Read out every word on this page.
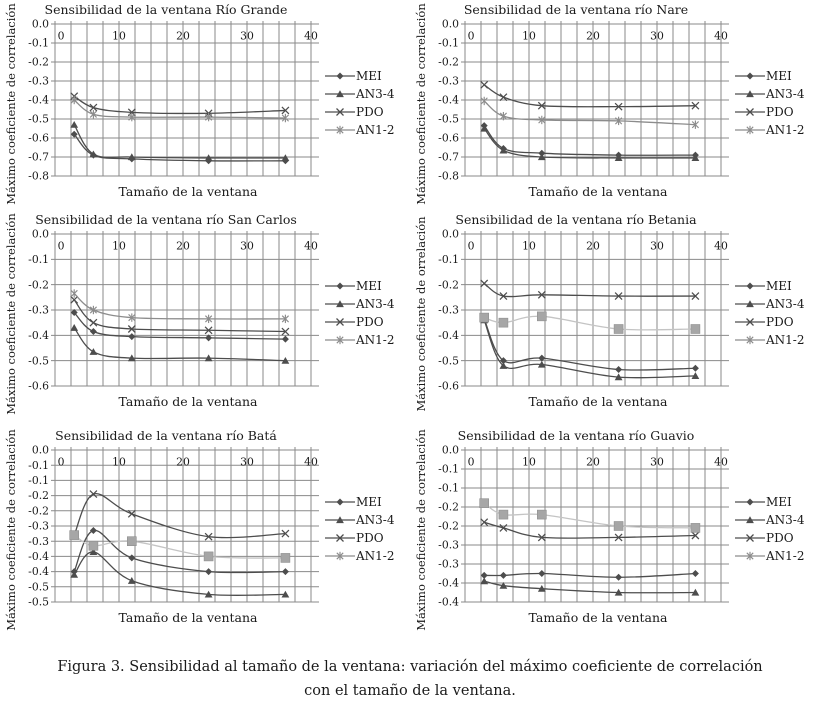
Sensibilidad de la ventana Río Grande
Máximo coeficiente de correlación 0.0
-0.1
-0.2
-0.3
-0.4
-0.5
-0.6
-0.7
-0.8
0	10	20	30	40
Tamaño de la ventana
MEI
AN3-4
PDO
AN1-2
Sensibilidad de la ventana río Nare
Máximo coeficiente de correlación 0.0
-0.1
-0.2
-0.3
-0.4
-0.5
-0.6
-0.7
-0.8
0	10	20	30	40
Tamaño de la ventana
MEI
AN3-4
PDO
AN1-2
Sensibilidad de la ventana río San Carlos
Máximo coeficiente de correlación 0.0
-0.1
-0.2
-0.3
-0.4
-0.5
-0.6
0	10	20	30	40
Tamaño de la ventana
MEI
AN3-4
PDO
AN1-2
Sensibilidad de la ventana río Betania
Máximo coeficiente de orrelación 0.0
-0.1
-0.2
-0.3
-0.4
-0.5
-0.6
0	10	20	30	40
Tamaño de la ventana
MEI
AN3-4
PDO
AN1-2
Sensibilidad de la ventana río Batá
Máximo coeficiente de correlación 0.0
-0.1
-0.1
-0.2
-0.2
-0.3
-0.3
-0.4
-0.4
-0.5
-0.5
0	10	20	30	40
Tamaño de la ventana
MEI
AN3-4
PDO
AN1-2
Sensibilidad de la ventana río Guavio
Máximo coeficiente de correlación 0.0
-0.1
-0.1
-0.2
-0.2
-0.3
-0.3
-0.4
-0.4
0	10	20	30	40
Tamaño de la ventana
MEI
AN3-4
PDO
AN1-2
Figura 3. Sensibilidad al tamaño de la ventana: variación del máximo coeficiente de correlación
con el tamaño de la ventana.
